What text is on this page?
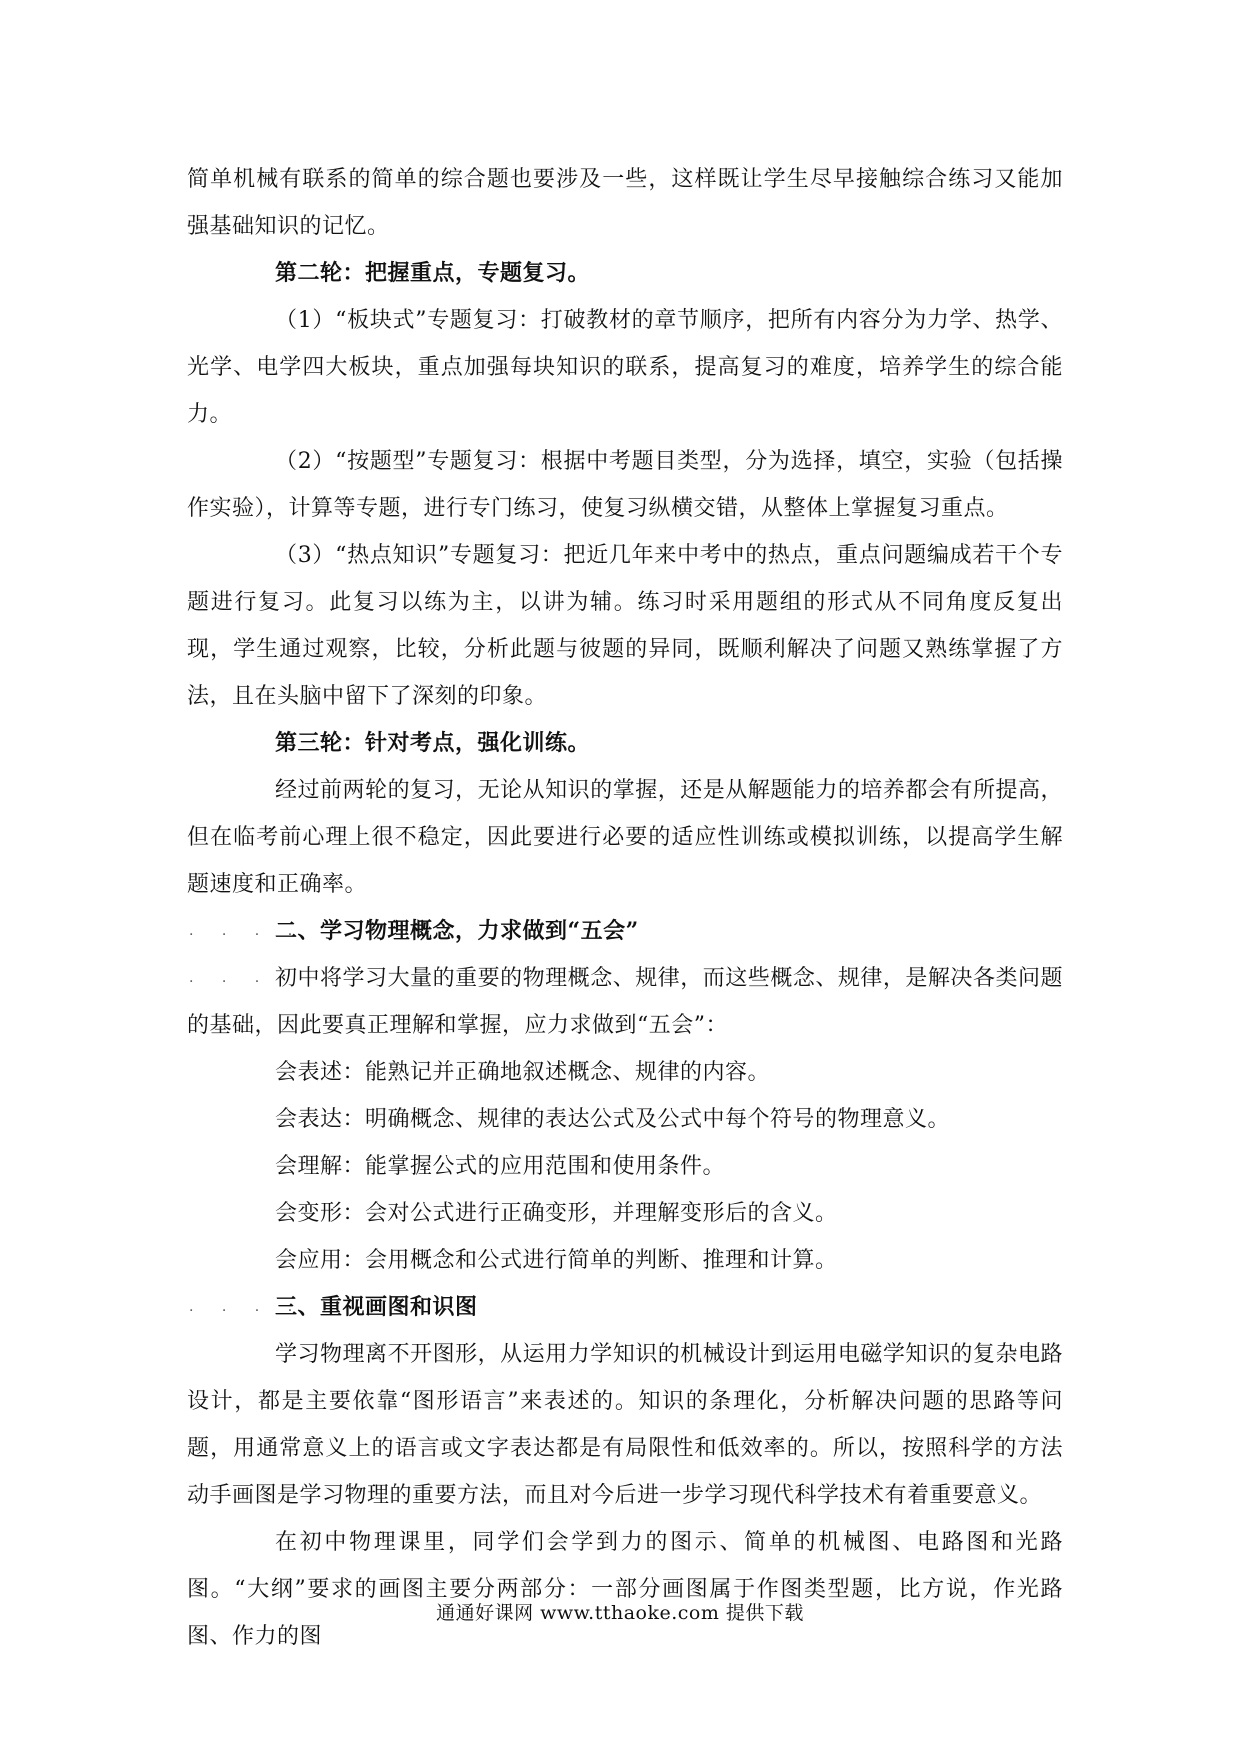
简单机械有联系的简单的综合题也要涉及一些，这样既让学生尽早接触综合练习又能加强基础知识的记忆。

第二轮：把握重点，专题复习。

（1）“板块式”专题复习：打破教材的章节顺序，把所有内容分为力学、热学、光学、电学四大板块，重点加强每块知识的联系，提高复习的难度，培养学生的综合能力。

（2）“按题型”专题复习：根据中考题目类型，分为选择，填空，实验（包括操作实验），计算等专题，进行专门练习，使复习纵横交错，从整体上掌握复习重点。

（3）“热点知识”专题复习：把近几年来中考中的热点，重点问题编成若干个专题进行复习。此复习以练为主，以讲为辅。练习时采用题组的形式从不同角度反复出现，学生通过观察，比较，分析此题与彼题的异同，既顺利解决了问题又熟练掌握了方法，且在头脑中留下了深刻的印象。

第三轮：针对考点，强化训练。

经过前两轮的复习，无论从知识的掌握，还是从解题能力的培养都会有所提高，但在临考前心理上很不稳定，因此要进行必要的适应性训练或模拟训练，以提高学生解题速度和正确率。

. . . .

二、学习物理概念，力求做到“五会”

. . . 初中将学习大量的重要的物理概念、规律，而这些概念、规律，是解决各类问题的基础，因此要真正理解和掌握，应力求做到“五会”：

会表述：能熟记并正确地叙述概念、规律的内容。

会表达：明确概念、规律的表达公式及公式中每个符号的物理意义。

会理解：能掌握公式的应用范围和使用条件。

会变形：会对公式进行正确变形，并理解变形后的含义。

会应用：会用概念和公式进行简单的判断、推理和计算。

. . . .

三、重视画图和识图

学习物理离不开图形，从运用力学知识的机械设计到运用电磁学知识的复杂电路设计，都是主要依靠“图形语言”来表述的。知识的条理化，分析解决问题的思路等问题，用通常意义上的语言或文字表达都是有局限性和低效率的。所以，按照科学的方法动手画图是学习物理的重要方法，而且对今后进一步学习现代科学技术有着重要意义。

在初中物理课里，同学们会学到力的图示、简单的机械图、电路图和光路图。“大纲”要求的画图主要分两部分：一部分画图属于作图类型题，比方说，作光路图、作力的图

通通好课网 www.tthaoke.com 提供下载
